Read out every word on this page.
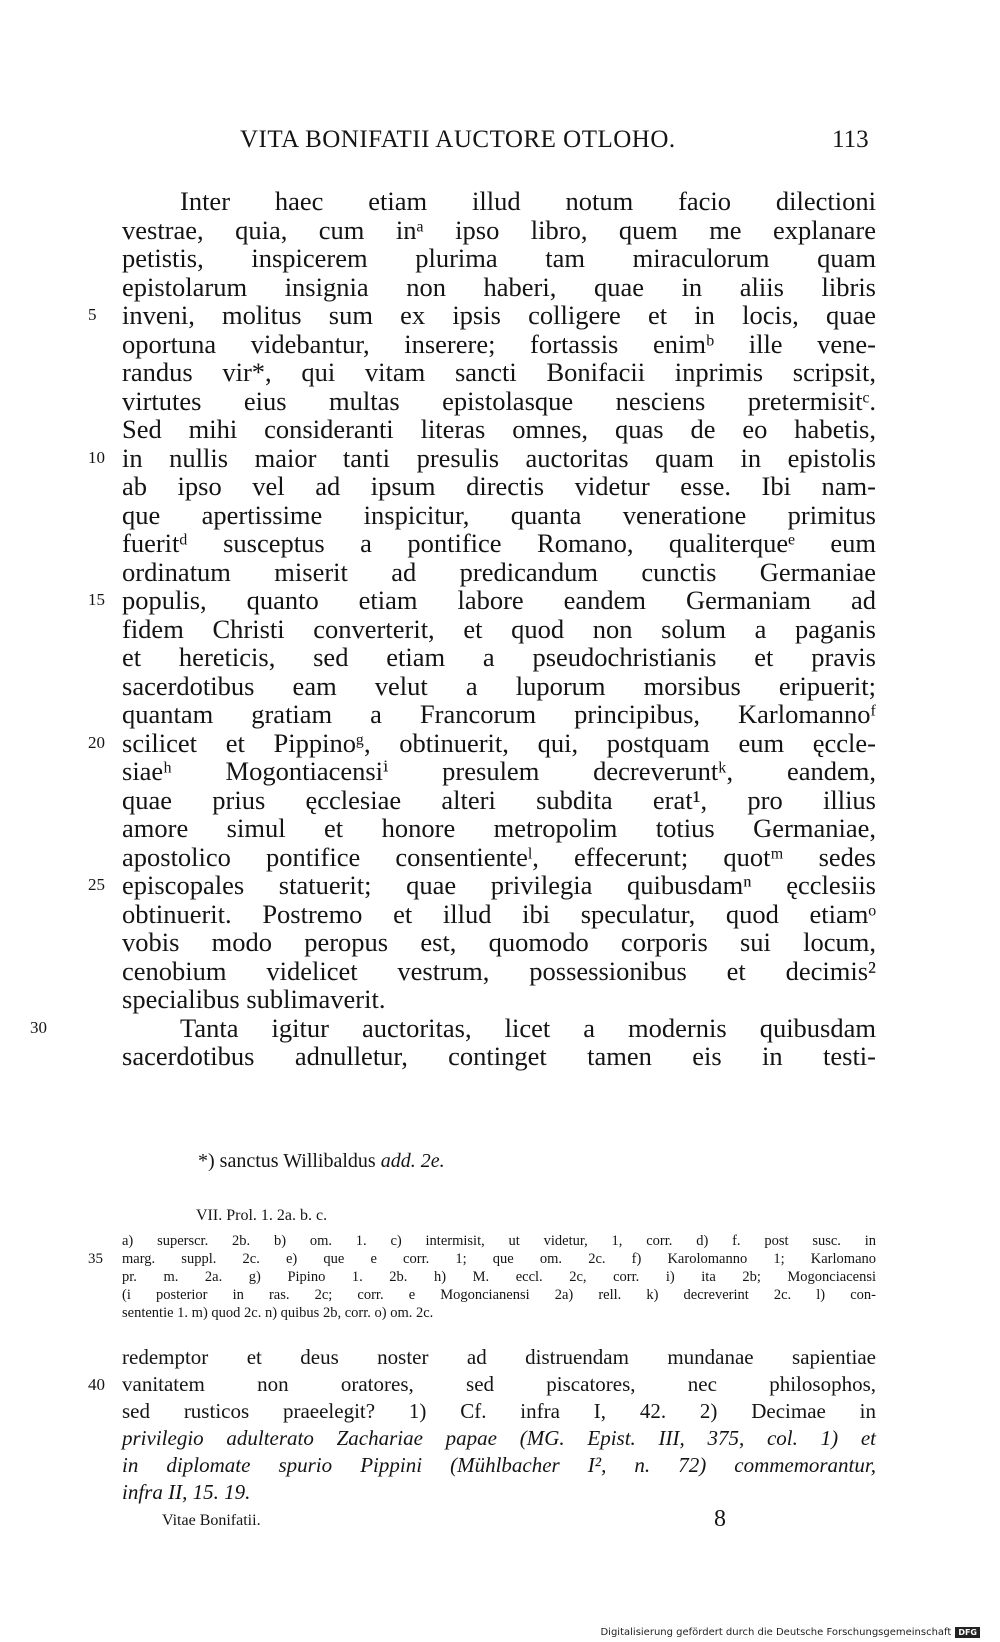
VITA BONIFATII AUCTORE OTLOHO.	113
Inter haec etiam illud notum facio dilectioni
vestrae, quia, cum inᵃ ipso libro, quem me explanare
petistis, inspicerem plurima tam miraculorum quam
epistolarum insignia non haberi, quae in aliis libris
5 inveni, molitus sum ex ipsis colligere et in locis, quae
oportuna videbantur, inserere; fortassis enimᵇ ille vene-
randus vir*, qui vitam sancti Bonifacii inprimis scripsit,
virtutes eius multas epistolasque nesciens pretermisitᶜ.
Sed mihi consideranti literas omnes, quas de eo habetis,
10 in nullis maior tanti presulis auctoritas quam in epistolis
ab ipso vel ad ipsum directis videtur esse. Ibi nam-
que apertissime inspicitur, quanta veneratione primitus
fueritᵈ susceptus a pontifice Romano, qualiterqueᵉ eum
ordinatum miserit ad predicandum cunctis Germaniae
15 populis, quanto etiam labore eandem Germaniam ad
fidem Christi converterit, et quod non solum a paganis
et hereticis, sed etiam a pseudochristianis et pravis
sacerdotibus eam velut a luporum morsibus eripuerit;
quantam gratiam a Francorum principibus, Karlomannoᶠ
20 scilicet et Pippinoᵍ, obtinuerit, qui, postquam eum ęccle-
siaeʰ Mogontiacensiⁱ presulem decreveruntᵏ, eandem,
quae prius ęcclesiae alteri subdita erat¹, pro illius
amore simul et honore metropolim totius Germaniae,
apostolico pontifice consentienteˡ, effecerunt; quotᵐ sedes
25 episcopales statuerit; quae privilegia quibusdamⁿ ęcclesiis
obtinuerit. Postremo et illud ibi speculatur, quod etiamᵒ
vobis modo peropus est, quomodo corporis sui locum,
cenobium videlicet vestrum, possessionibus et decimis²
specialibus sublimaverit.
30	Tanta igitur auctoritas, licet a modernis quibusdam
sacerdotibus adnulletur, continget tamen eis in testi-
*) sanctus Willibaldus add. 2e.
VII. Prol. 1. 2a. b. c.
a) superscr. 2b. b) om. 1. c) intermisit, ut videtur, 1, corr. d) f. post susc. in
35 marg. suppl. 2c. e) que e corr. 1; que om. 2c. f) Karolomanno 1; Karlomano
pr. m. 2a. g) Pipino 1. 2b. h) M. eccl. 2c, corr. i) ita 2b; Mogonciacensi
(i posterior in ras. 2c; corr. e Mogoncianensi 2a) rell. k) decreverint 2c. l) con-
sententie 1. m) quod 2c. n) quibus 2b, corr. o) om. 2c.
redemptor et deus noster ad distruendam mundanae sapientiae
40 vanitatem non oratores, sed piscatores, nec philosophos,
sed rusticos praeelegit? 1) Cf. infra I, 42. 2) Decimae in
privilegio adulterato Zachariae papae (MG. Epist. III, 375, col. 1) et
in diplomate spurio Pippini (Mühlbacher I², n. 72) commemorantur,
infra II, 15. 19.
Vitae Bonifatii.	8
Digitalisierung gefördert durch die Deutsche Forschungsgemeinschaft DFG
